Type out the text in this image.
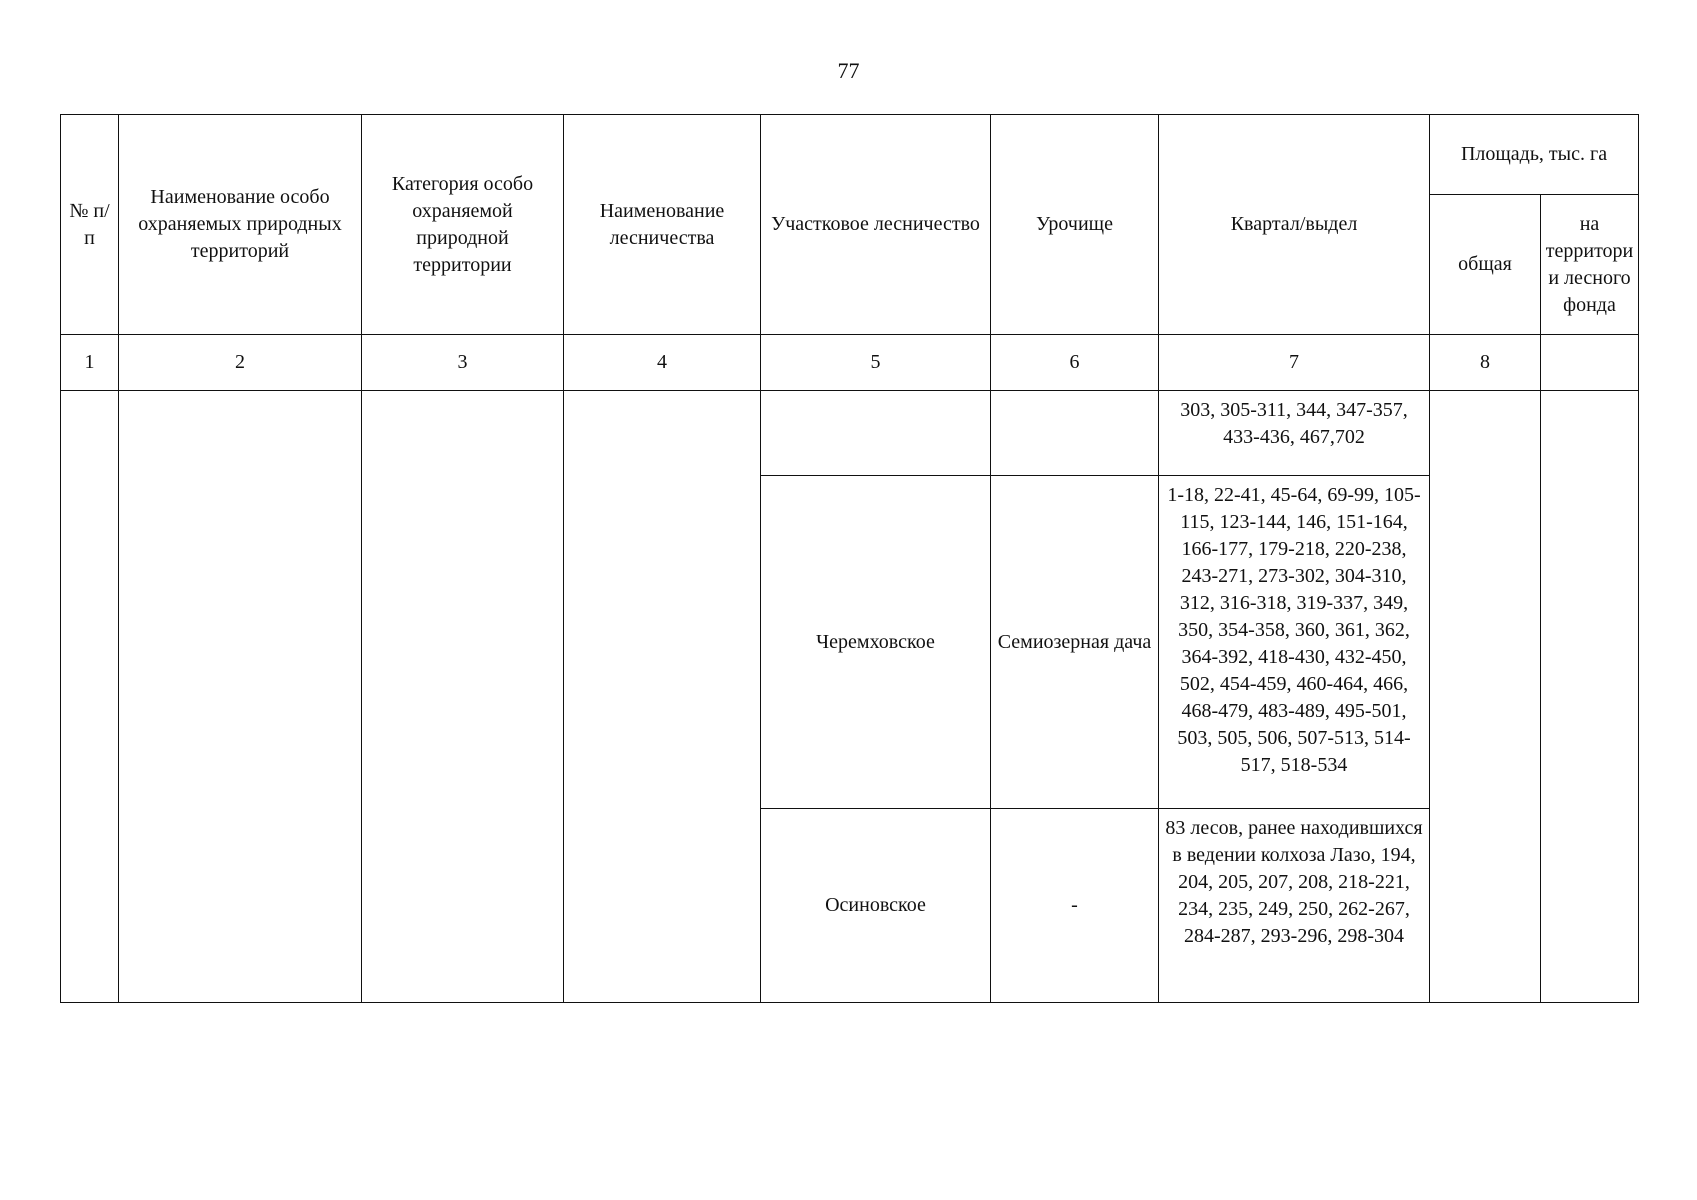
77
№ п/п	Наименование особо охраняемых природных территорий	Категория особо охраняемой природной территории	Наименование лесничества	Участковое лесничество	Урочище	Квартал/выдел	Площадь, тыс. га	
							общая	на территори и лесного фонда
1	2	3	4	5	6	7	8	
						303, 305-311, 344, 347-357, 433-436, 467,702		
				Черемховское	Семиозерная дача	1-18, 22-41, 45-64, 69-99, 105-115, 123-144, 146, 151-164, 166-177, 179-218, 220-238, 243-271, 273-302, 304-310, 312, 316-318, 319-337, 349, 350, 354-358, 360, 361, 362, 364-392, 418-430, 432-450, 502, 454-459, 460-464, 466, 468-479, 483-489, 495-501, 503, 505, 506, 507-513, 514-517, 518-534		
				Осиновское	-	83 лесов, ранее находившихся в ведении колхоза Лазо, 194, 204, 205, 207, 208, 218-221, 234, 235, 249, 250, 262-267, 284-287, 293-296, 298-304		
